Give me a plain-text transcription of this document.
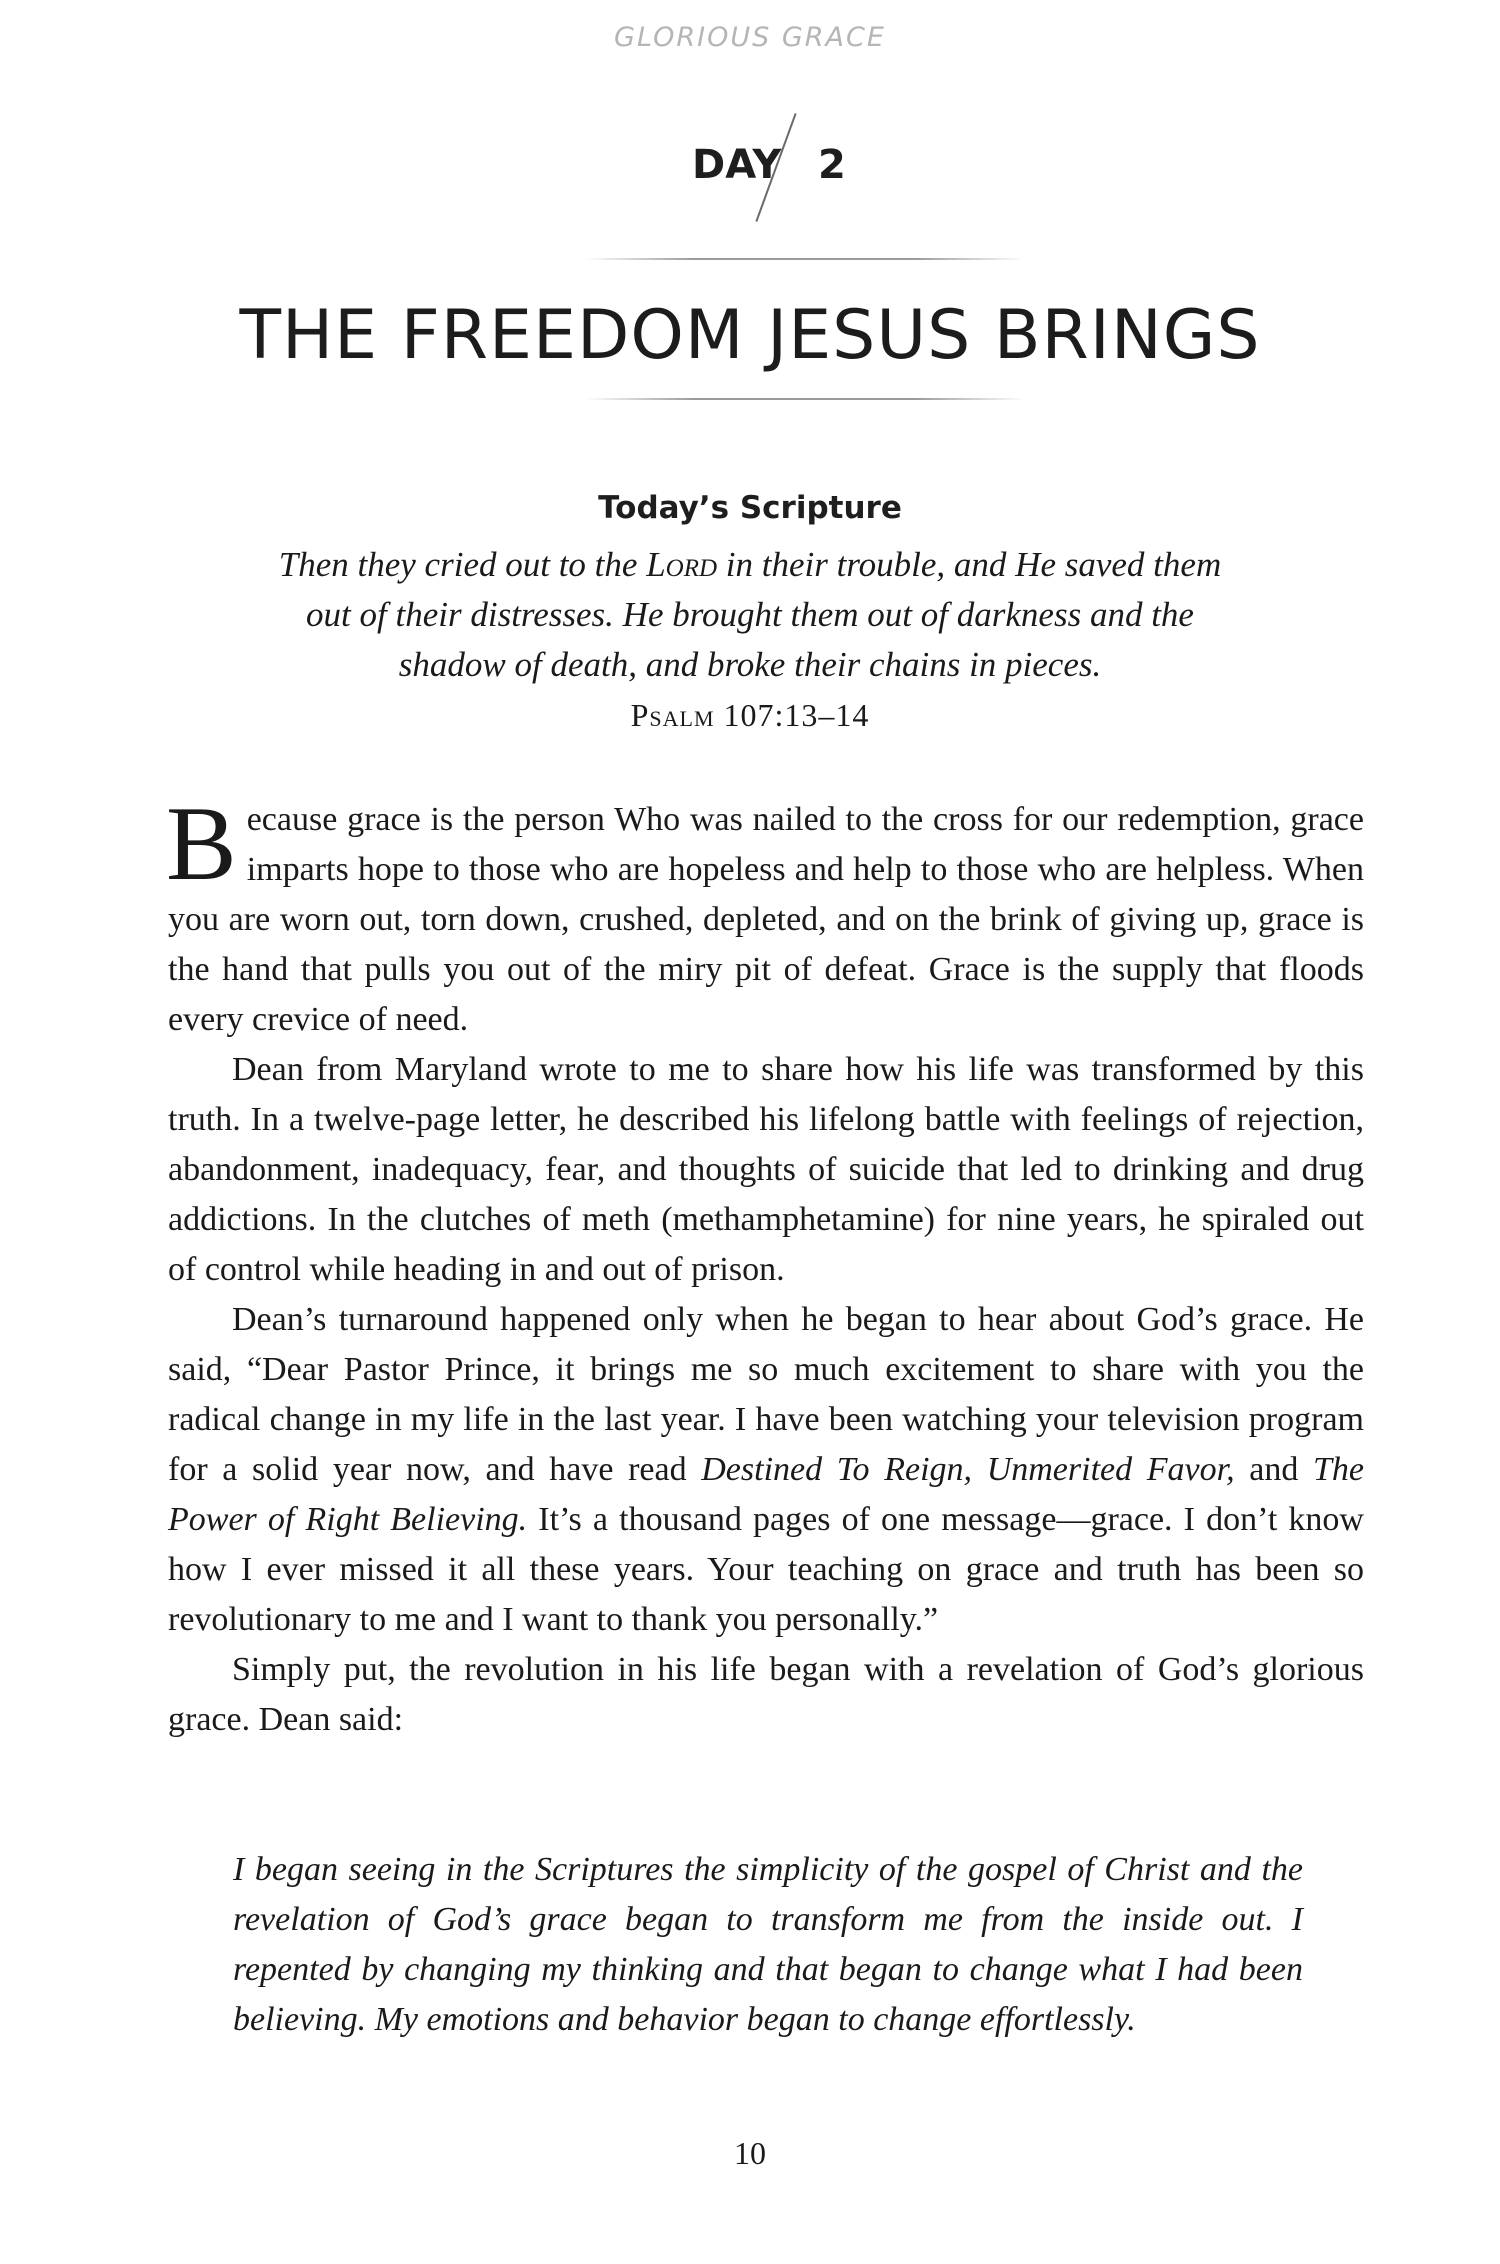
GLORIOUS GRACE
DAY 2
THE FREEDOM JESUS BRINGS
Today’s Scripture
Then they cried out to the Lord in their trouble, and He saved them
out of their distresses. He brought them out of darkness and the
shadow of death, and broke their chains in pieces.
Psalm 107:13–14

Because grace is the person Who was nailed to the cross for our redemption, grace imparts hope to those who are hopeless and help to those who are helpless. When you are worn out, torn down, crushed, depleted, and on the brink of giving up, grace is the hand that pulls you out of the miry pit of defeat. Grace is the supply that floods every crevice of need.

Dean from Maryland wrote to me to share how his life was transformed by this truth. In a twelve-page letter, he described his lifelong battle with feelings of rejection, abandonment, inadequacy, fear, and thoughts of suicide that led to drinking and drug addictions. In the clutches of meth (methamphetamine) for nine years, he spiraled out of control while heading in and out of prison.

Dean’s turnaround happened only when he began to hear about God’s grace. He said, “Dear Pastor Prince, it brings me so much excitement to share with you the radical change in my life in the last year. I have been watching your television program for a solid year now, and have read Destined To Reign, Unmerited Favor, and The Power of Right Believing. It’s a thousand pages of one message—grace. I don’t know how I ever missed it all these years. Your teaching on grace and truth has been so revolutionary to me and I want to thank you personally.”

Simply put, the revolution in his life began with a revelation of God’s glorious grace. Dean said:

I began seeing in the Scriptures the simplicity of the gospel of Christ and the revelation of God’s grace began to transform me from the inside out. I repented by changing my thinking and that began to change what I had been believing. My emotions and behavior began to change effortlessly.
10
